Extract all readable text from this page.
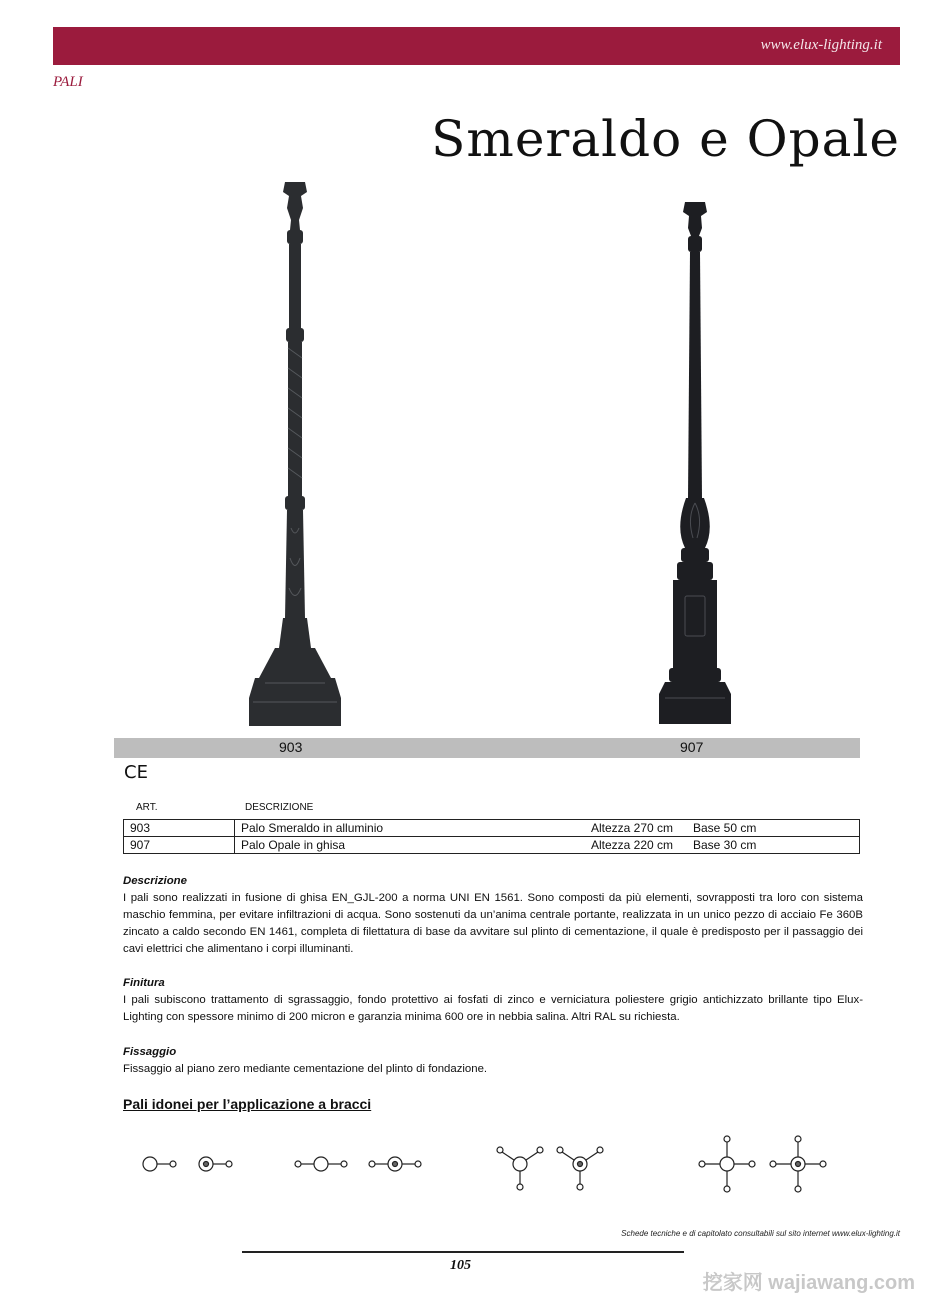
www.elux-lighting.it
PALI
Smeraldo e Opale
903	907
CE
ART.	DESCRIZIONE
903	Palo Smeraldo in alluminio	Altezza 270 cm	Base 50 cm
907	Palo Opale in ghisa	Altezza 220 cm	Base 30 cm
Descrizione

I pali sono realizzati in fusione di ghisa EN_GJL-200 a norma UNI EN 1561. Sono composti da più elementi, sovrapposti tra loro con sistema maschio femmina, per evitare infiltrazioni di acqua. Sono sostenuti da un’anima centrale portante, realizzata in un unico pezzo di acciaio Fe 360B zincato a caldo secondo EN 1461, completa di filettatura di base da avvitare sul plinto di cementazione, il quale è predisposto per il passaggio dei cavi elettrici che alimentano i corpi illuminanti.

Finitura

I pali subiscono trattamento di sgrassaggio, fondo protettivo ai fosfati di zinco e verniciatura poliestere grigio antichizzato brillante tipo Elux-Lighting con spessore minimo di 200 micron e garanzia minima 600 ore in nebbia salina. Altri RAL su richiesta.

Fissaggio

Fissaggio al piano zero mediante cementazione del plinto di fondazione.

Pali idonei per l’applicazione a bracci
Schede tecniche e di capitolato consultabili sul sito internet www.elux-lighting.it
105
挖家网 wajiawang.com
